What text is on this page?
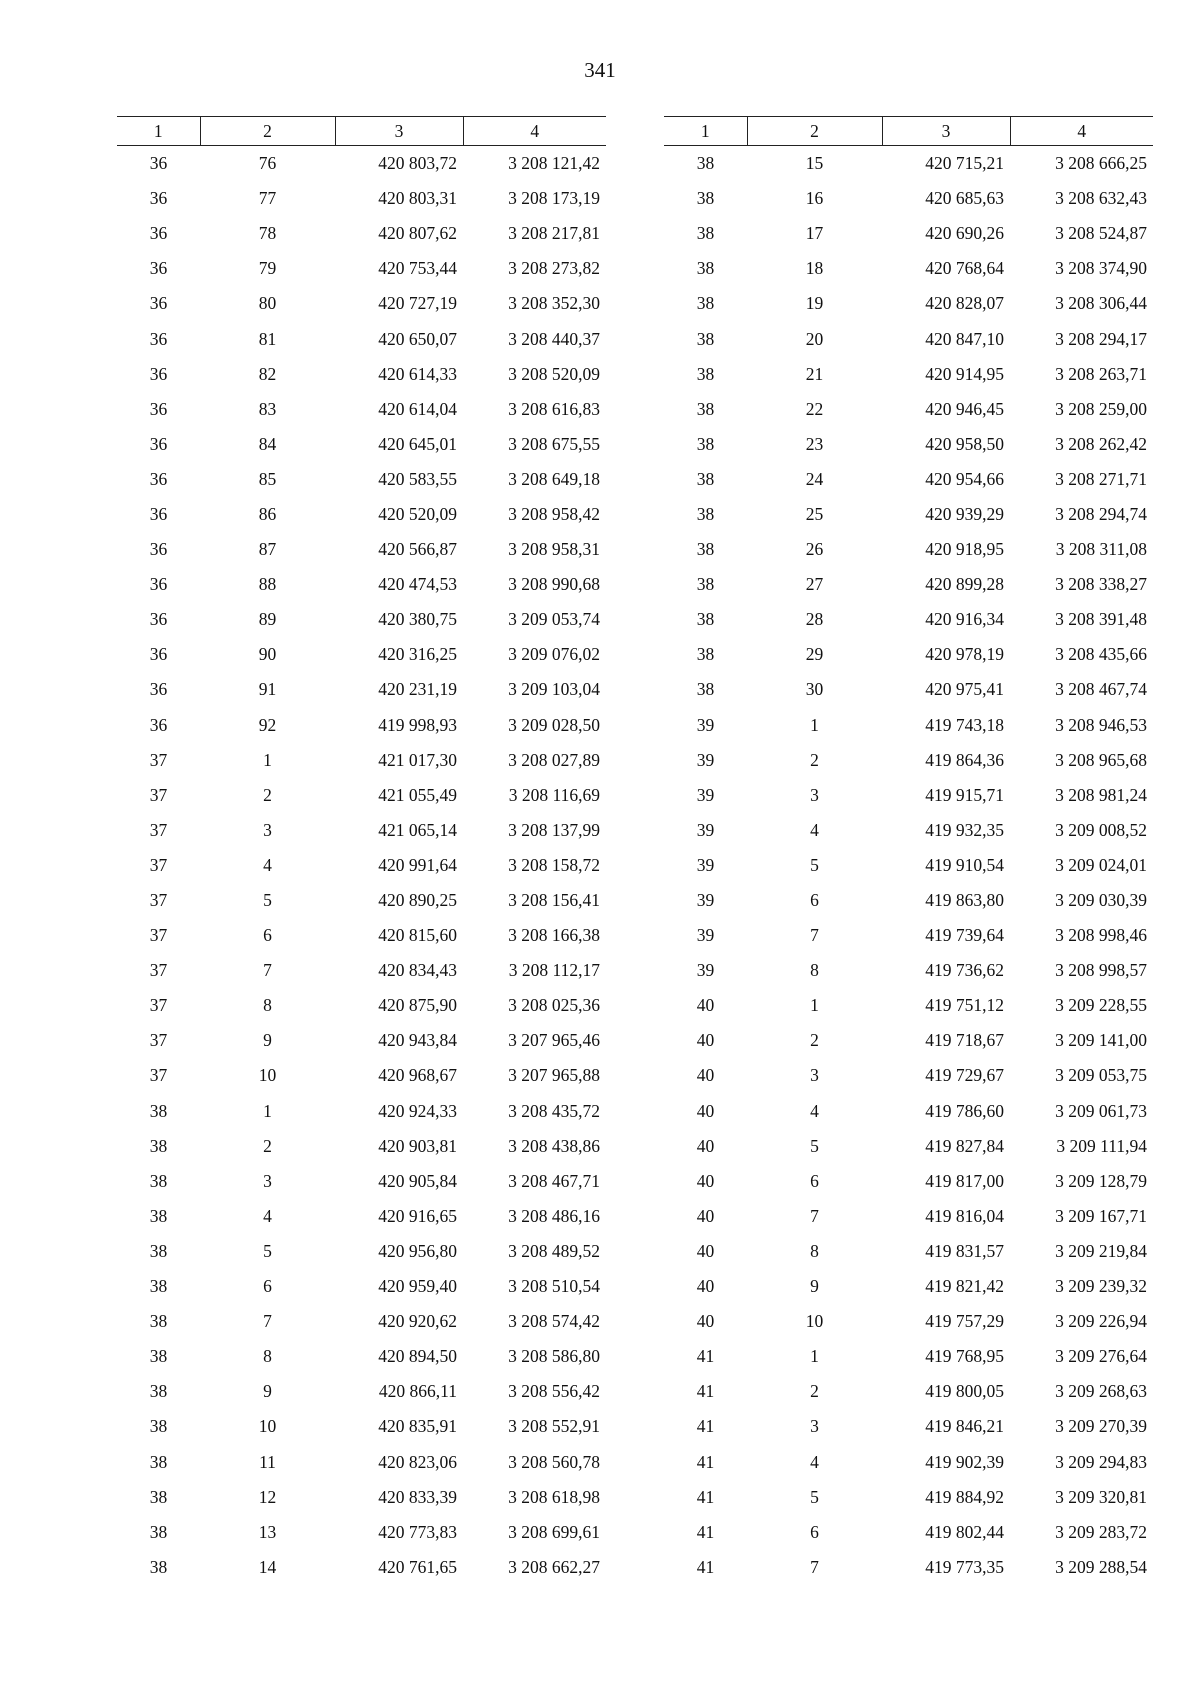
341
1	2	3	4
36	76	420 803,72	3 208 121,42
36	77	420 803,31	3 208 173,19
36	78	420 807,62	3 208 217,81
36	79	420 753,44	3 208 273,82
36	80	420 727,19	3 208 352,30
36	81	420 650,07	3 208 440,37
36	82	420 614,33	3 208 520,09
36	83	420 614,04	3 208 616,83
36	84	420 645,01	3 208 675,55
36	85	420 583,55	3 208 649,18
36	86	420 520,09	3 208 958,42
36	87	420 566,87	3 208 958,31
36	88	420 474,53	3 208 990,68
36	89	420 380,75	3 209 053,74
36	90	420 316,25	3 209 076,02
36	91	420 231,19	3 209 103,04
36	92	419 998,93	3 209 028,50
37	1	421 017,30	3 208 027,89
37	2	421 055,49	3 208 116,69
37	3	421 065,14	3 208 137,99
37	4	420 991,64	3 208 158,72
37	5	420 890,25	3 208 156,41
37	6	420 815,60	3 208 166,38
37	7	420 834,43	3 208 112,17
37	8	420 875,90	3 208 025,36
37	9	420 943,84	3 207 965,46
37	10	420 968,67	3 207 965,88
38	1	420 924,33	3 208 435,72
38	2	420 903,81	3 208 438,86
38	3	420 905,84	3 208 467,71
38	4	420 916,65	3 208 486,16
38	5	420 956,80	3 208 489,52
38	6	420 959,40	3 208 510,54
38	7	420 920,62	3 208 574,42
38	8	420 894,50	3 208 586,80
38	9	420 866,11	3 208 556,42
38	10	420 835,91	3 208 552,91
38	11	420 823,06	3 208 560,78
38	12	420 833,39	3 208 618,98
38	13	420 773,83	3 208 699,61
38	14	420 761,65	3 208 662,27
1	2	3	4
38	15	420 715,21	3 208 666,25
38	16	420 685,63	3 208 632,43
38	17	420 690,26	3 208 524,87
38	18	420 768,64	3 208 374,90
38	19	420 828,07	3 208 306,44
38	20	420 847,10	3 208 294,17
38	21	420 914,95	3 208 263,71
38	22	420 946,45	3 208 259,00
38	23	420 958,50	3 208 262,42
38	24	420 954,66	3 208 271,71
38	25	420 939,29	3 208 294,74
38	26	420 918,95	3 208 311,08
38	27	420 899,28	3 208 338,27
38	28	420 916,34	3 208 391,48
38	29	420 978,19	3 208 435,66
38	30	420 975,41	3 208 467,74
39	1	419 743,18	3 208 946,53
39	2	419 864,36	3 208 965,68
39	3	419 915,71	3 208 981,24
39	4	419 932,35	3 209 008,52
39	5	419 910,54	3 209 024,01
39	6	419 863,80	3 209 030,39
39	7	419 739,64	3 208 998,46
39	8	419 736,62	3 208 998,57
40	1	419 751,12	3 209 228,55
40	2	419 718,67	3 209 141,00
40	3	419 729,67	3 209 053,75
40	4	419 786,60	3 209 061,73
40	5	419 827,84	3 209 111,94
40	6	419 817,00	3 209 128,79
40	7	419 816,04	3 209 167,71
40	8	419 831,57	3 209 219,84
40	9	419 821,42	3 209 239,32
40	10	419 757,29	3 209 226,94
41	1	419 768,95	3 209 276,64
41	2	419 800,05	3 209 268,63
41	3	419 846,21	3 209 270,39
41	4	419 902,39	3 209 294,83
41	5	419 884,92	3 209 320,81
41	6	419 802,44	3 209 283,72
41	7	419 773,35	3 209 288,54
